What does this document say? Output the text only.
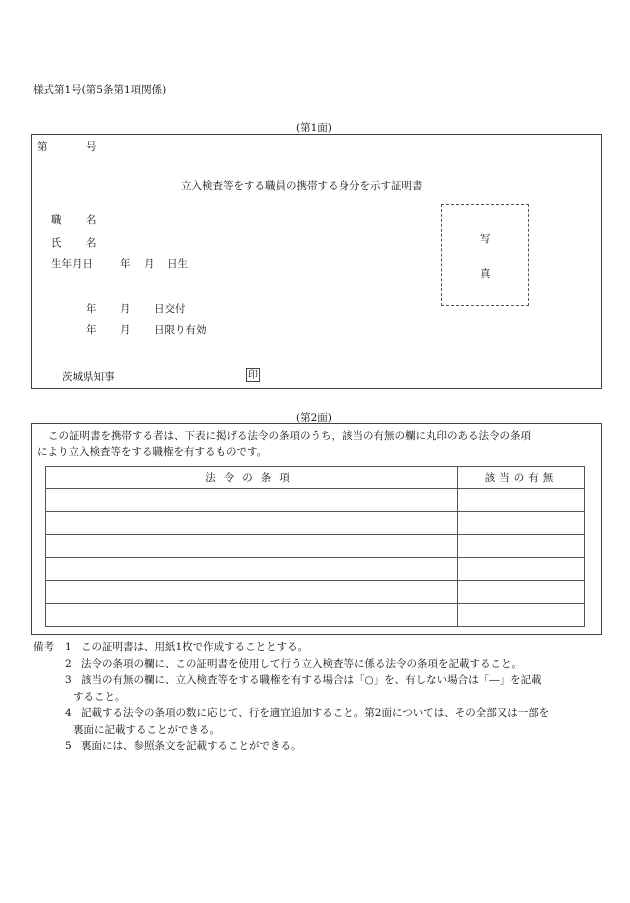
様式第1号(第5条第1項関係)
(第1面)
第	号
立入検査等をする職員の携帯する身分を示す証明書
職 名
氏 名
生年月日	年 月 日生
年 月 日交付
年 月 日限り有効
写
真
茨城県知事	印
(第2面)
この証明書を携帯する者は、下表に掲げる法令の条項のうち，該当の有無の欄に丸印のある法令の条項
により立入検査等をする職権を有するものです。
法令の条項	該当の有無

備考 1 この証明書は、用紙1枚で作成することとする。
2 法令の条項の欄に、この証明書を使用して行う立入検査等に係る法令の条項を記載すること。
3 該当の有無の欄に、立入検査等をする職権を有する場合は「○」を、有しない場合は「―」を記載
すること。
4 記載する法令の条項の数に応じて、行を適宜追加すること。第2面については、その全部又は一部を
裏面に記載することができる。
5 裏面には、参照条文を記載することができる。
